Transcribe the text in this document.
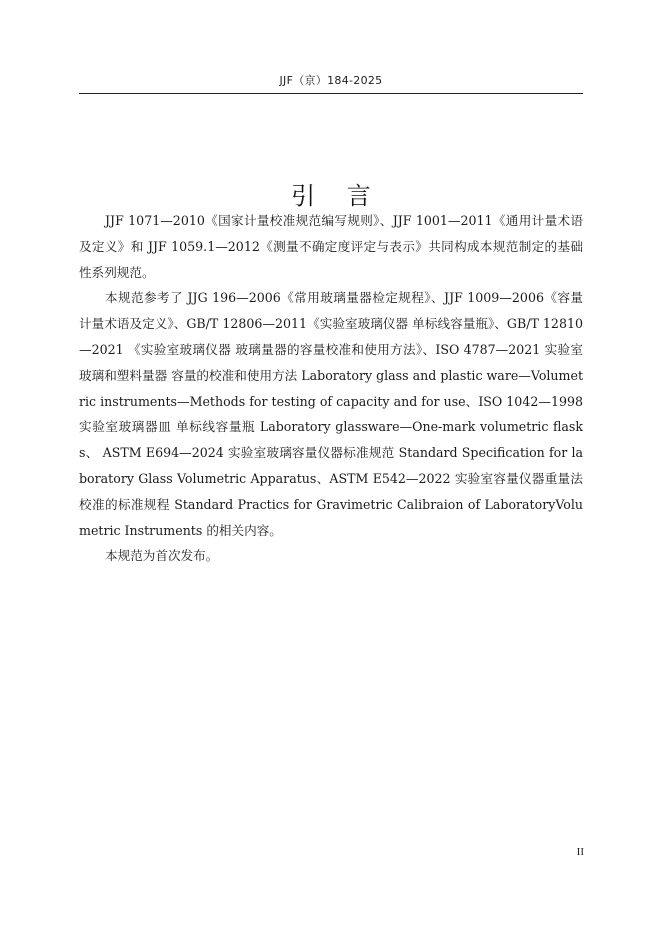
JJF（京）184-2025
引 言

JJF 1071—2010《国家计量校准规范编写规则》、JJF 1001—2011《通用计量术语及定义》和 JJF 1059.1—2012《测量不确定度评定与表示》共同构成本规范制定的基础性系列规范。

本规范参考了 JJG 196—2006《常用玻璃量器检定规程》、JJF 1009—2006《容量计量术语及定义》、GB/T 12806—2011《实验室玻璃仪器 单标线容量瓶》、GB/T 12810—2021 《实验室玻璃仪器 玻璃量器的容量校准和使用方法》、ISO 4787—2021 实验室玻璃和塑料量器 容量的校准和使用方法 Laboratory glass and plastic ware—Volumetric instruments—Methods for testing of capacity and for use、ISO 1042—1998 实验室玻璃器皿 单标线容量瓶 Laboratory glassware—One-mark volumetric flasks、 ASTM E694—2024 实验室玻璃容量仪器标准规范 Standard Specification for laboratory Glass Volumetric Apparatus、ASTM E542—2022 实验室容量仪器重量法校准的标准规程 Standard Practics for Gravimetric Calibraion of LaboratoryVolumetric Instruments 的相关内容。

本规范为首次发布。

II
